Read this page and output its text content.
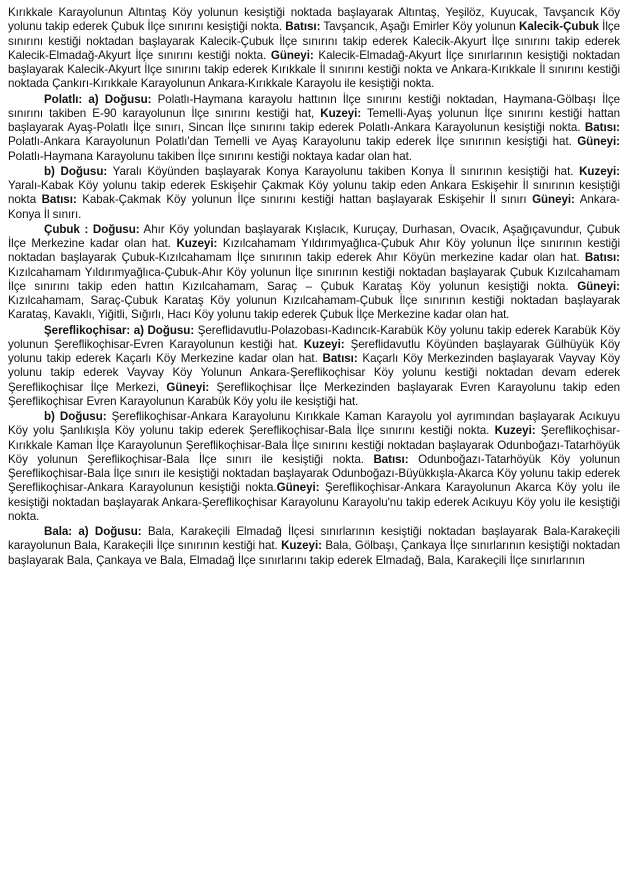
Kırıkkale Karayolunun Altıntaş Köy yolunun kesiştiği noktada başlayarak Altıntaş, Yeşilöz, Kuyucak, Tavşancık Köy yolunu takip ederek Çubuk İlçe sınırını kesiştiği nokta. Batısı: Tavşancık, Aşağı Emirler Köy yolunun Kalecik-Çubuk İlçe sınırını kestiği noktadan başlayarak Kalecik-Çubuk İlçe sınırını takip ederek Kalecik-Akyurt İlçe sınırını takip ederek Kalecik-Elmadağ-Akyurt İlçe sınırını kestiği nokta. Güneyi: Kalecik-Elmadağ-Akyurt İlçe sınırlarının kesiştiği noktadan başlayarak Kalecik-Akyurt İlçe sınırını takip ederek Kırıkkale İl sınırını kestiği nokta ve Ankara-Kırıkkale İl sınırını kestiği noktada Çankırı-Kırıkkale Karayolunun Ankara-Kırıkkale Karayolu ile kesiştiği nokta.

Polatlı: a) Doğusu: Polatlı-Haymana karayolu hattının İlçe sınırını kestiği noktadan, Haymana-Gölbaşı İlçe sınırını takiben E-90 karayolunun İlçe sınırını kestiği hat, Kuzeyi: Temelli-Ayaş yolunun İlçe sınırını kestiği hattan başlayarak Ayaş-Polatlı İlçe sınırı, Sincan İlçe sınırını takip ederek Polatlı-Ankara Karayolunun kesiştiği nokta. Batısı: Polatlı-Ankara Karayolunun Polatlı'dan Temelli ve Ayaş Karayolunu takip ederek İlçe sınırının kesiştiği hat. Güneyi: Polatlı-Haymana Karayolunu takiben İlçe sınırını kestiği noktaya kadar olan hat.

b) Doğusu: Yaralı Köyünden başlayarak Konya Karayolunu takiben Konya İl sınırının kesiştiği hat. Kuzeyi: Yaralı-Kabak Köy yolunu takip ederek Eskişehir Çakmak Köy yolunu takip eden Ankara Eskişehir İl sınırının kesiştiği nokta Batısı: Kabak-Çakmak Köy yolunun İlçe sınırını kestiği hattan başlayarak Eskişehir İl sınırı Güneyi: Ankara-Konya İl sınırı.

Çubuk : Doğusu: Ahır Köy yolundan başlayarak Kışlacık, Kuruçay, Durhasan, Ovacık, Aşağıçavundur, Çubuk İlçe Merkezine kadar olan hat. Kuzeyi: Kızılcahamam Yıldırımyağlıca-Çubuk Ahır Köy yolunun İlçe sınırının kestiği noktadan başlayarak Çubuk-Kızılcahamam İlçe sınırının takip ederek Ahır Köyün merkezine kadar olan hat. Batısı: Kızılcahamam Yıldırımyağlıca-Çubuk-Ahır Köy yolunun İlçe sınırının kestiği noktadan başlayarak Çubuk Kızılcahamam İlçe sınırını takip eden hattın Kızılcahamam, Saraç – Çubuk Karataş Köy yolunun kesiştiği nokta. Güneyi: Kızılcahamam, Saraç-Çubuk Karataş Köy yolunun Kızılcahamam-Çubuk İlçe sınırının kestiği noktadan başlayarak Karataş, Kavaklı, Yiğitli, Sığırlı, Hacı Köy yolunu takip ederek Çubuk İlçe Merkezine kadar olan hat.

Şereflikoçhisar: a) Doğusu: Şereflidavutlu-Polazobası-Kadıncık-Karabük Köy yolunu takip ederek Karabük Köy yolunun Şereflikoçhisar-Evren Karayolunun kestiği hat. Kuzeyi: Şereflidavutlu Köyünden başlayarak Gülhüyük Köy yolunu takip ederek Kaçarlı Köy Merkezine kadar olan hat. Batısı: Kaçarlı Köy Merkezinden başlayarak Vayvay Köy yolunu takip ederek Vayvay Köy Yolunun Ankara-Şereflikoçhisar Köy yolunu kestiği noktadan devam ederek Şereflikoçhisar İlçe Merkezi, Güneyi: Şereflikoçhisar İlçe Merkezinden başlayarak Evren Karayolunu takip eden Şereflikoçhisar Evren Karayolunun Karabük Köy yolu ile kesiştiği hat.

b) Doğusu: Şereflikoçhisar-Ankara Karayolunu Kırıkkale Kaman Karayolu yol ayrımından başlayarak Acıkuyu Köy yolu Şanlıkışla Köy yolunu takip ederek Şereflikoçhisar-Bala İlçe sınırını kestiği nokta. Kuzeyi: Şereflikoçhisar-Kırıkkale Kaman İlçe Karayolunun Şereflikoçhisar-Bala İlçe sınırını kestiği noktadan başlayarak Odunboğazı-Tatarhöyük Köy yolunun Şereflikoçhisar-Bala İlçe sınırı ile kesiştiği nokta. Batısı: Odunboğazı-Tatarhöyük Köy yolunun Şereflikoçhisar-Bala İlçe sınırı ile kesiştiği noktadan başlayarak Odunboğazı-Büyükkışla-Akarca Köy yolunu takip ederek Şereflikoçhisar-Ankara Karayolunun kesiştiği nokta.Güneyi: Şereflikoçhisar-Ankara Karayolunun Akarca Köy yolu ile kesiştiği noktadan başlayarak Ankara-Şereflikoçhisar Karayolunu Karayolu'nu takip ederek Acıkuyu Köy yolu ile kesiştiği nokta.

Bala: a) Doğusu: Bala, Karakeçili Elmadağ İlçesi sınırlarının kesiştiği noktadan başlayarak Bala-Karakeçili karayolunun Bala, Karakeçili İlçe sınırının kestiği hat. Kuzeyi: Bala, Gölbaşı, Çankaya İlçe sınırlarının kesiştiği noktadan başlayarak Bala, Çankaya ve Bala, Elmadağ İlçe sınırlarını takip ederek Elmadağ, Bala, Karakeçili İlçe sınırlarının
